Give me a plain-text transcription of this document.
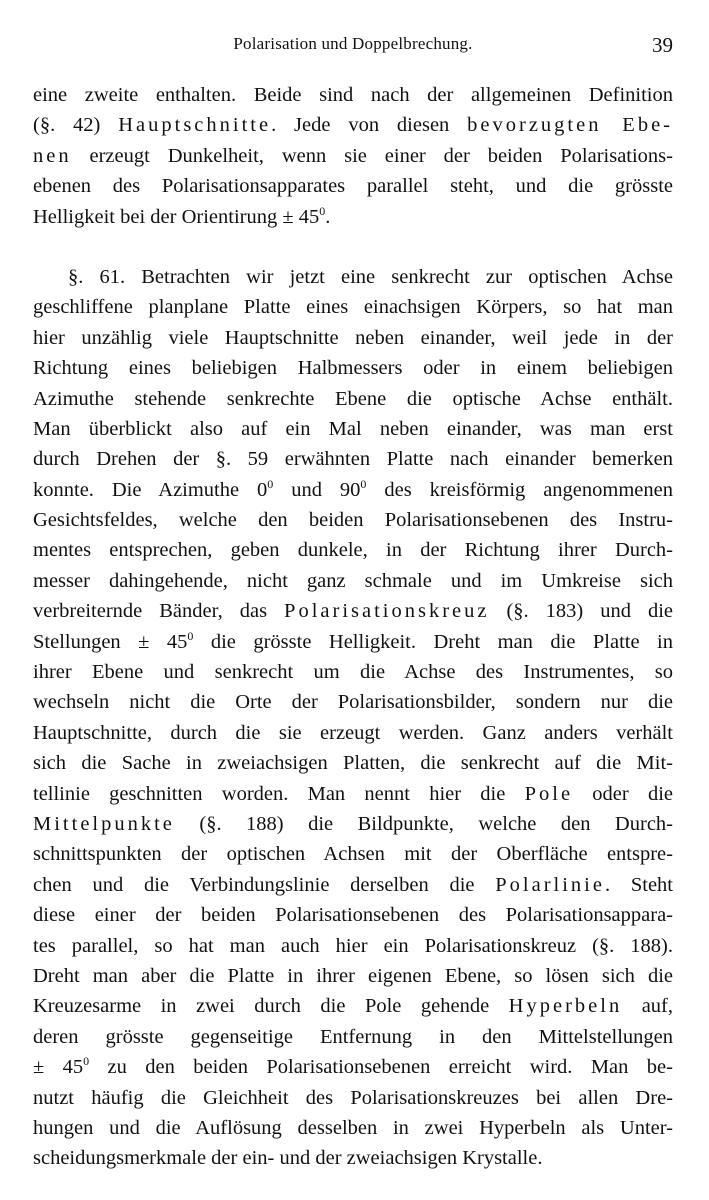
Polarisation und Doppelbrechung.	39
eine zweite enthalten. Beide sind nach der allgemeinen Definition
(§. 42) Hauptschnitte. Jede von diesen bevorzugten Ebe-
nen erzeugt Dunkelheit, wenn sie einer der beiden Polarisations-
ebenen des Polarisationsapparates parallel steht, und die grösste
Helligkeit bei der Orientirung ± $45^0$.
§. 61. Betrachten wir jetzt eine senkrecht zur optischen Achse
geschliffene planplane Platte eines einachsigen Körpers, so hat man
hier unzählig viele Hauptschnitte neben einander, weil jede in der
Richtung eines beliebigen Halbmessers oder in einem beliebigen
Azimuthe stehende senkrechte Ebene die optische Achse enthält.
Man überblickt also auf ein Mal neben einander, was man erst
durch Drehen der §. 59 erwähnten Platte nach einander bemerken
konnte. Die Azimuthe $0^0$ und $90^0$ des kreisförmig angenommenen
Gesichtsfeldes, welche den beiden Polarisationsebenen des Instru-
mentes entsprechen, geben dunkele, in der Richtung ihrer Durch-
messer dahingehende, nicht ganz schmale und im Umkreise sich
verbreiternde Bänder, das Polarisationskreuz (§. 183) und die
Stellungen ± $45^0$ die grösste Helligkeit. Dreht man die Platte in
ihrer Ebene und senkrecht um die Achse des Instrumentes, so
wechseln nicht die Orte der Polarisationsbilder, sondern nur die
Hauptschnitte, durch die sie erzeugt werden. Ganz anders verhält
sich die Sache in zweiachsigen Platten, die senkrecht auf die Mit-
tellinie geschnitten worden. Man nennt hier die Pole oder die
Mittelpunkte (§. 188) die Bildpunkte, welche den Durch-
schnittspunkten der optischen Achsen mit der Oberfläche entspre-
chen und die Verbindungslinie derselben die Polarlinie. Steht
diese einer der beiden Polarisationsebenen des Polarisationsappara-
tes parallel, so hat man auch hier ein Polarisationskreuz (§. 188).
Dreht man aber die Platte in ihrer eigenen Ebene, so lösen sich die
Kreuzesarme in zwei durch die Pole gehende Hyperbeln auf,
deren grösste gegenseitige Entfernung in den Mittelstellungen
± $45^0$ zu den beiden Polarisationsebenen erreicht wird. Man be-
nutzt häufig die Gleichheit des Polarisationskreuzes bei allen Dre-
hungen und die Auflösung desselben in zwei Hyperbeln als Unter-
scheidungsmerkmale der ein- und der zweiachsigen Krystalle.
